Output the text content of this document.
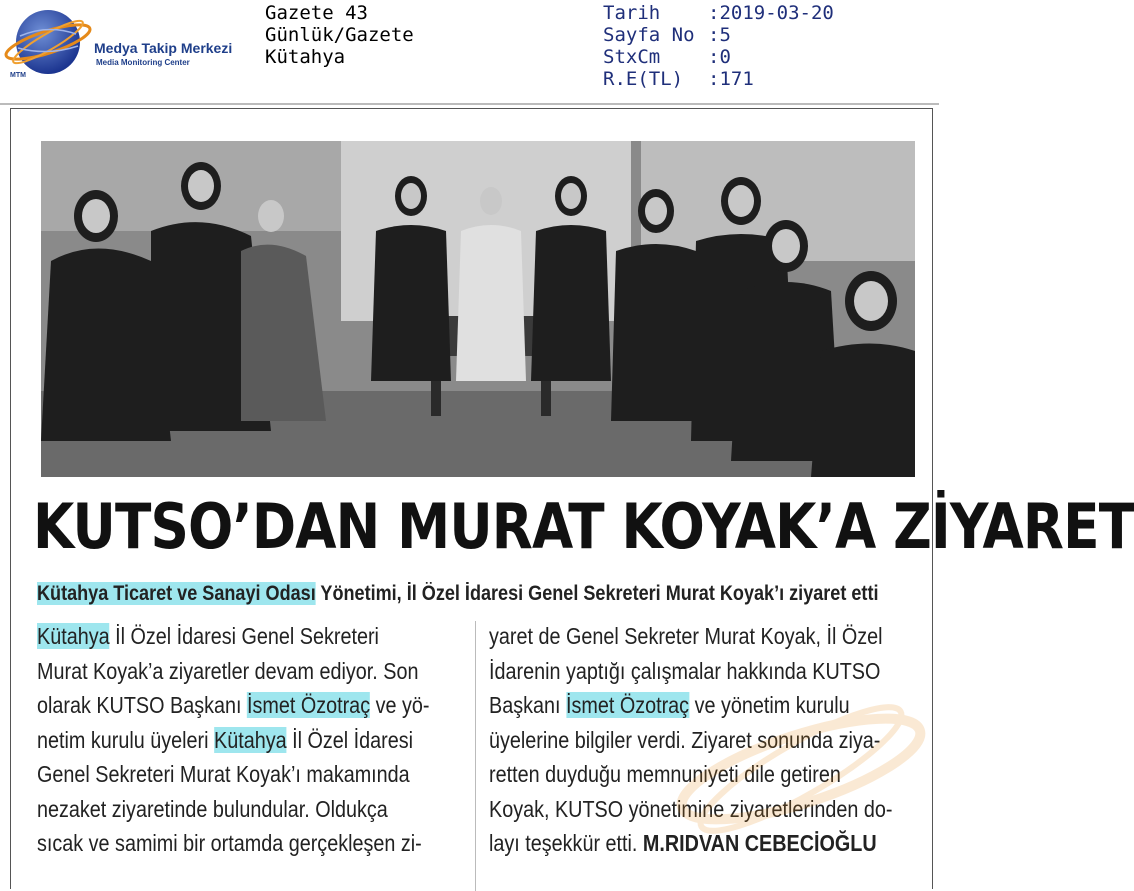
Medya Takip Merkezi
Media Monitoring Center
MTM
Gazete 43
Günlük/Gazete
Kütahya
Tarih	:2019-03-20
Sayfa No :5
StxCm	:0
R.E(TL)	:171
KUTSO’DAN MURAT KOYAK’A ZİYARET
Kütahya Ticaret ve Sanayi Odası Yönetimi, İl Özel İdaresi Genel Sekreteri Murat Koyak’ı ziyaret etti
Kütahya İl Özel İdaresi Genel Sekreteri
Murat Koyak’a ziyaretler devam ediyor. Son
olarak KUTSO Başkanı İsmet Özotraç ve yö-
netim kurulu üyeleri Kütahya İl Özel İdaresi
Genel Sekreteri Murat Koyak’ı makamında
nezaket ziyaretinde bulundular. Oldukça
sıcak ve samimi bir ortamda gerçekleşen zi-
yaret de Genel Sekreter Murat Koyak, İl Özel
İdarenin yaptığı çalışmalar hakkında KUTSO
Başkanı İsmet Özotraç ve yönetim kurulu
üyelerine bilgiler verdi. Ziyaret sonunda ziya-
retten duyduğu memnuniyeti dile getiren
Koyak, KUTSO yönetimine ziyaretlerinden do-
layı teşekkür etti. M.RIDVAN CEBECİOĞLU
